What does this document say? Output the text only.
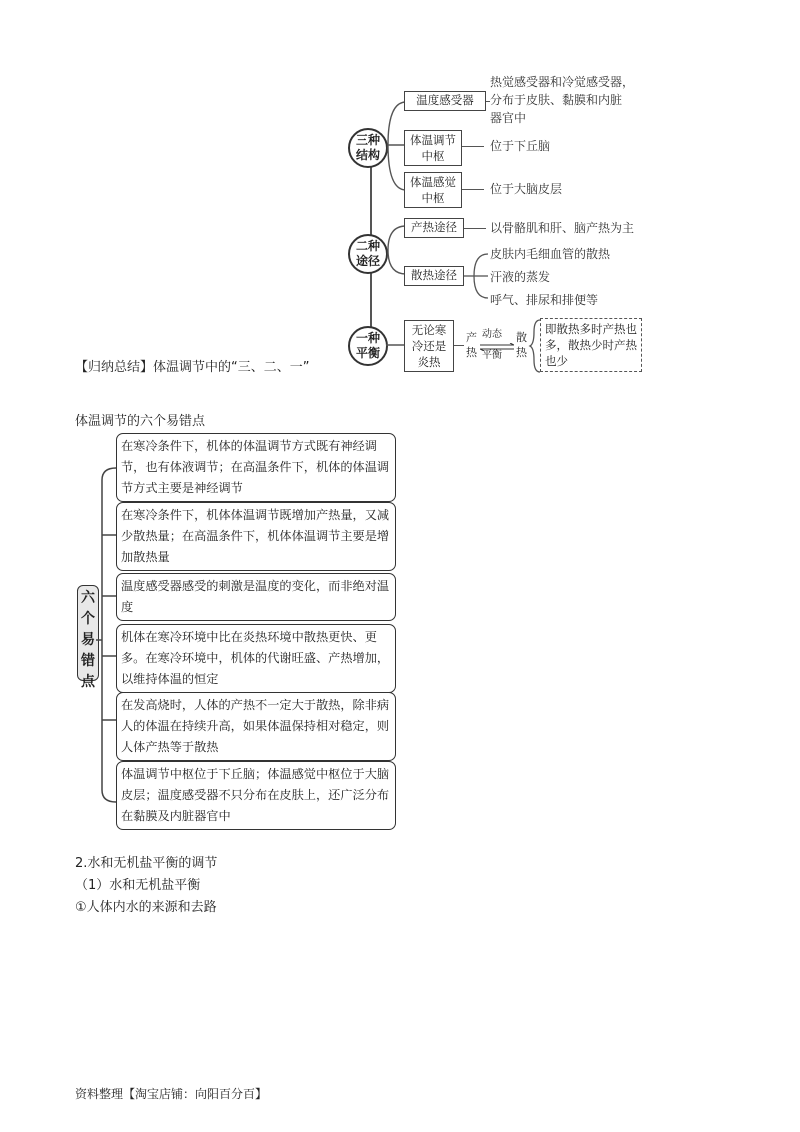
三种结构
二种途径
一种平衡
温度感受器
体温调节中枢
体温感觉中枢
热觉感受器和冷觉感受器，
分布于皮肤、黏膜和内脏
器官中
位于下丘脑
位于大脑皮层
产热途径	以骨骼肌和肝、脑产热为主
散热途径
皮肤内毛细血管的散热
汗液的蒸发
呼气、排尿和排便等
无论寒冷还是炎热
产热
动态
平衡
散热
即散热多时产热也多，散热少时产热也少
【归纳总结】体温调节中的“三、二、一”
体温调节的六个易错点
六个易错点
在寒冷条件下，机体的体温调节方式既有神经调节，也有体液调节；在高温条件下，机体的体温调节方式主要是神经调节
在寒冷条件下，机体体温调节既增加产热量，又减少散热量；在高温条件下，机体体温调节主要是增加散热量
温度感受器感受的刺激是温度的变化，而非绝对温度
机体在寒冷环境中比在炎热环境中散热更快、更多。在寒冷环境中，机体的代谢旺盛、产热增加，以维持体温的恒定
在发高烧时，人体的产热不一定大于散热，除非病人的体温在持续升高，如果体温保持相对稳定，则人体产热等于散热
体温调节中枢位于下丘脑；体温感觉中枢位于大脑皮层；温度感受器不只分布在皮肤上，还广泛分布在黏膜及内脏器官中
2.水和无机盐平衡的调节
（1）水和无机盐平衡
①人体内水的来源和去路
资料整理【淘宝店铺：向阳百分百】
